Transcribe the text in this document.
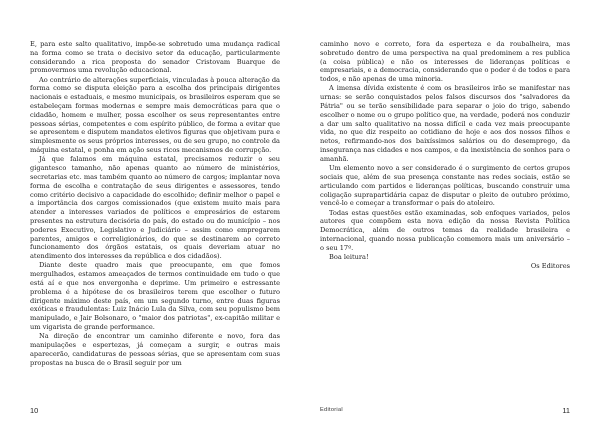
E, para este salto qualitativo, impõe-se sobretudo uma mudança radical na forma como se trata o decisivo setor da educação, particularmente considerando a rica proposta do senador Cristovam Buarque de promovermos uma revolução educacional.

Ao contrário de alterações superficiais, vinculadas à pouca alteração da forma como se disputa eleição para a escolha dos principais dirigentes nacionais e estaduais, e mesmo municipais, os brasileiros esperam que se estabeleçam formas modernas e sempre mais democráticas para que o cidadão, homem e mulher, possa escolher os seus representantes entre pessoas sérias, competentes e com espírito público, de forma a evitar que se apresentem e disputem mandatos eletivos figuras que objetivam pura e simplesmente os seus próprios interesses, ou de seu grupo, no controle da máquina estatal, e ponha em ação seus ricos mecanismos de corrupção.

Já que falamos em máquina estatal, precisamos reduzir o seu gigantesco tamanho, não apenas quanto ao número de ministérios, secretarias etc. mas também quanto ao número de cargos; implantar nova forma de escolha e contratação de seus dirigentes e assessores, tendo como critério decisivo a capacidade do escolhido; definir melhor o papel e a importância dos cargos comissionados (que existem muito mais para atender a interesses variados de políticos e empresários de estarem presentes na estrutura decisória do país, do estado ou do município – nos poderes Executivo, Legislativo e Judiciário – assim como empregarem parentes, amigos e correligionários, do que se destinarem ao correto funcionamento dos órgãos estatais, os quais deveriam atuar no atendimento dos interesses da república e dos cidadãos).

Diante deste quadro mais que preocupante, em que fomos mergulhados, estamos ameaçados de termos continuidade em tudo o que está aí e que nos envergonha e deprime. Um primeiro e estressante problema é a hipótese de os brasileiros terem que escolher o futuro dirigente máximo deste país, em um segundo turno, entre duas figuras exóticas e fraudulentas: Luiz Inácio Lula da Silva, com seu populismo bem manipulado, e Jair Bolsonaro, o "maior dos patriotas", ex-capitão militar e um vigarista de grande performance.

Na direção de encontrar um caminho diferente e novo, fora das manipulações e espertezas, já começam a surgir, e outras mais aparecerão, candidaturas de pessoas sérias, que se apresentam com suas propostas na busca de o Brasil seguir por um

10

caminho novo e correto, fora da esperteza e da roubalheira, mas sobretudo dentro de uma perspectiva na qual predominem a res publica (a coisa pública) e não os interesses de lideranças políticas e empresariais, e a democracia, considerando que o poder é de todos e para todos, e não apenas de uma minoria.

A imensa dívida existente é com os brasileiros irão se manifestar nas urnas: se serão conquistados pelos falsos discursos dos "salvadores da Pátria" ou se terão sensibilidade para separar o joio do trigo, sabendo escolher o nome ou o grupo político que, na verdade, poderá nos conduzir a dar um salto qualitativo na nossa difícil e cada vez mais preocupante vida, no que diz respeito ao cotidiano de hoje e aos dos nossos filhos e netos, refirmando-nos dos baixíssimos salários ou do desemprego, da insegurança nas cidades e nos campos, e da inexistência de sonhos para o amanhã.

Um elemento novo a ser considerado é o surgimento de certos grupos sociais que, além de sua presença constante nas redes sociais, estão se articulando com partidos e lideranças políticas, buscando construir uma coligação suprapartidária capaz de disputar o pleito de outubro próximo, vencê-lo e começar a transformar o país do atoleiro.

Todas estas questões estão examinadas, sob enfoques variados, pelos autores que compõem esta nova edição da nossa Revista Política Democrática, além de outros temas da realidade brasileira e internacional, quando nossa publicação comemora mais um aniversário – o seu 17º.

Boa leitura!

Os Editores

Editorial	11
